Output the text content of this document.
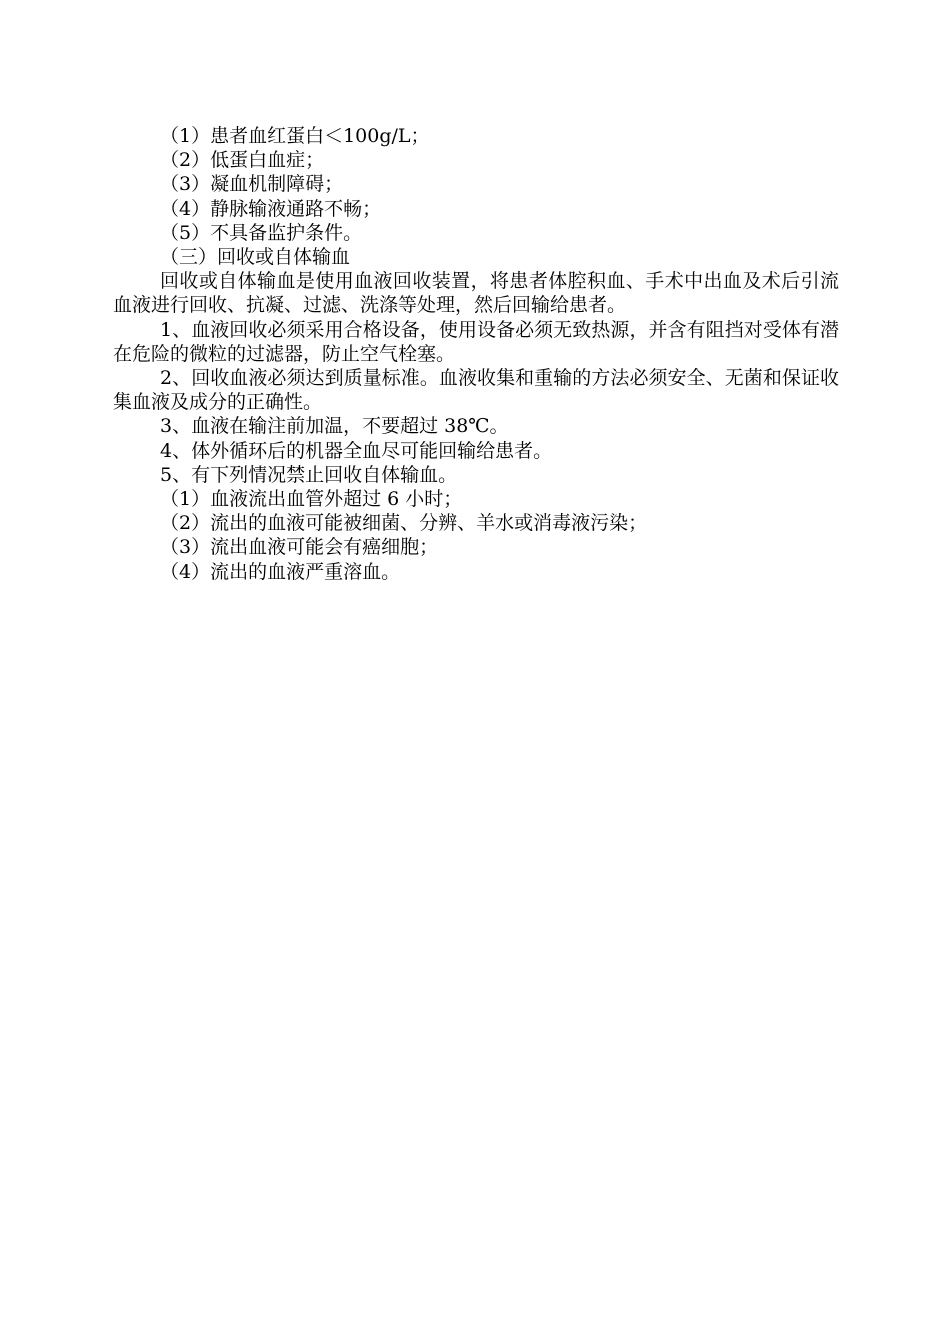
（1）患者血红蛋白＜100g/L；

（2）低蛋白血症；

（3）凝血机制障碍；

（4）静脉输液通路不畅；

（5）不具备监护条件。

（三）回收或自体输血

回收或自体输血是使用血液回收装置，将患者体腔积血、手术中出血及术后引流血液进行回收、抗凝、过滤、洗涤等处理，然后回输给患者。

1、血液回收必须采用合格设备，使用设备必须无致热源，并含有阻挡对受体有潜在危险的微粒的过滤器，防止空气栓塞。

2、回收血液必须达到质量标准。血液收集和重输的方法必须安全、无菌和保证收集血液及成分的正确性。

3、血液在输注前加温，不要超过 38℃。

4、体外循环后的机器全血尽可能回输给患者。

5、有下列情况禁止回收自体输血。

（1）血液流出血管外超过 6 小时；

（2）流出的血液可能被细菌、分辨、羊水或消毒液污染；

（3）流出血液可能会有癌细胞；

（4）流出的血液严重溶血。
